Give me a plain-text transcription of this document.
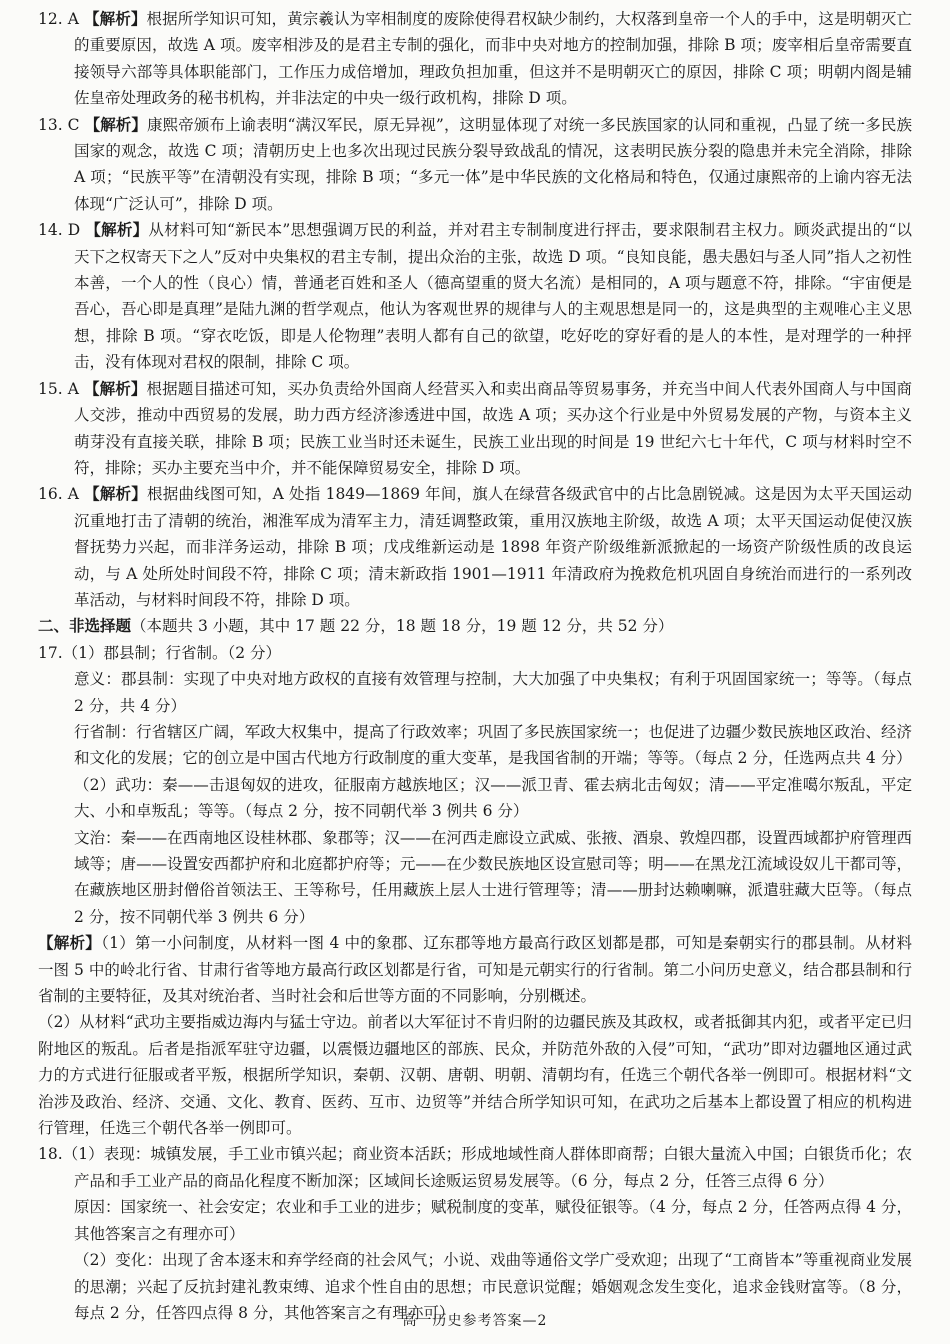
12. A 【解析】根据所学知识可知，黄宗羲认为宰相制度的废除使得君权缺少制约，大权落到皇帝一个人的手中，这是明朝灭亡的重要原因，故选 A 项。废宰相涉及的是君主专制的强化，而非中央对地方的控制加强，排除 B 项；废宰相后皇帝需要直接领导六部等具体职能部门，工作压力成倍增加，理政负担加重，但这并不是明朝灭亡的原因，排除 C 项；明朝内阁是辅佐皇帝处理政务的秘书机构，并非法定的中央一级行政机构，排除 D 项。

13. C 【解析】康熙帝颁布上谕表明“满汉军民，原无异视”，这明显体现了对统一多民族国家的认同和重视，凸显了统一多民族国家的观念，故选 C 项；清朝历史上也多次出现过民族分裂导致战乱的情况，这表明民族分裂的隐患并未完全消除，排除 A 项；“民族平等”在清朝没有实现，排除 B 项；“多元一体”是中华民族的文化格局和特色，仅通过康熙帝的上谕内容无法体现“广泛认可”，排除 D 项。

14. D 【解析】从材料可知“新民本”思想强调万民的利益，并对君主专制制度进行抨击，要求限制君主权力。顾炎武提出的“以天下之权寄天下之人”反对中央集权的君主专制，提出众治的主张，故选 D 项。“良知良能，愚夫愚妇与圣人同”指人之初性本善，一个人的性（良心）情，普通老百姓和圣人（德高望重的贤大名流）是相同的，A 项与题意不符，排除。“宇宙便是吾心，吾心即是真理”是陆九渊的哲学观点，他认为客观世界的规律与人的主观思想是同一的，这是典型的主观唯心主义思想，排除 B 项。“穿衣吃饭，即是人伦物理”表明人都有自己的欲望，吃好吃的穿好看的是人的本性，是对理学的一种抨击，没有体现对君权的限制，排除 C 项。

15. A 【解析】根据题目描述可知，买办负责给外国商人经营买入和卖出商品等贸易事务，并充当中间人代表外国商人与中国商人交涉，推动中西贸易的发展，助力西方经济渗透进中国，故选 A 项；买办这个行业是中外贸易发展的产物，与资本主义萌芽没有直接关联，排除 B 项；民族工业当时还未诞生，民族工业出现的时间是 19 世纪六七十年代，C 项与材料时空不符，排除；买办主要充当中介，并不能保障贸易安全，排除 D 项。

16. A 【解析】根据曲线图可知，A 处指 1849—1869 年间，旗人在绿营各级武官中的占比急剧锐减。这是因为太平天国运动沉重地打击了清朝的统治，湘淮军成为清军主力，清廷调整政策，重用汉族地主阶级，故选 A 项；太平天国运动促使汉族督抚势力兴起，而非洋务运动，排除 B 项；戊戌维新运动是 1898 年资产阶级维新派掀起的一场资产阶级性质的改良运动，与 A 处所处时间段不符，排除 C 项；清末新政指 1901—1911 年清政府为挽救危机巩固自身统治而进行的一系列改革活动，与材料时间段不符，排除 D 项。

二、非选择题（本题共 3 小题，其中 17 题 22 分，18 题 18 分，19 题 12 分，共 52 分）

17.（1）郡县制；行省制。（2 分）

意义：郡县制：实现了中央对地方政权的直接有效管理与控制，大大加强了中央集权；有利于巩固国家统一；等等。（每点 2 分，共 4 分）

行省制：行省辖区广阔，军政大权集中，提高了行政效率；巩固了多民族国家统一；也促进了边疆少数民族地区政治、经济和文化的发展；它的创立是中国古代地方行政制度的重大变革，是我国省制的开端；等等。（每点 2 分，任选两点共 4 分）

（2）武功：秦——击退匈奴的进攻，征服南方越族地区；汉——派卫青、霍去病北击匈奴；清——平定准噶尔叛乱，平定大、小和卓叛乱；等等。（每点 2 分，按不同朝代举 3 例共 6 分）

文治：秦——在西南地区设桂林郡、象郡等；汉——在河西走廊设立武威、张掖、酒泉、敦煌四郡，设置西域都护府管理西域等；唐——设置安西都护府和北庭都护府等；元——在少数民族地区设宣慰司等；明——在黑龙江流域设奴儿干都司等，在藏族地区册封僧俗首领法王、王等称号，任用藏族上层人士进行管理等；清——册封达赖喇嘛，派遣驻藏大臣等。（每点 2 分，按不同朝代举 3 例共 6 分）

【解析】（1）第一小问制度，从材料一图 4 中的象郡、辽东郡等地方最高行政区划都是郡，可知是秦朝实行的郡县制。从材料一图 5 中的岭北行省、甘肃行省等地方最高行政区划都是行省，可知是元朝实行的行省制。第二小问历史意义，结合郡县制和行省制的主要特征，及其对统治者、当时社会和后世等方面的不同影响，分别概述。

（2）从材料“武功主要指威边海内与猛士守边。前者以大军征讨不肯归附的边疆民族及其政权，或者抵御其内犯，或者平定已归附地区的叛乱。后者是指派军驻守边疆，以震慑边疆地区的部族、民众，并防范外敌的入侵”可知，“武功”即对边疆地区通过武力的方式进行征服或者平叛，根据所学知识，秦朝、汉朝、唐朝、明朝、清朝均有，任选三个朝代各举一例即可。根据材料“文治涉及政治、经济、交通、文化、教育、医药、互市、边贸等”并结合所学知识可知，在武功之后基本上都设置了相应的机构进行管理，任选三个朝代各举一例即可。

18.（1）表现：城镇发展，手工业市镇兴起；商业资本活跃；形成地域性商人群体即商帮；白银大量流入中国；白银货币化；农产品和手工业产品的商品化程度不断加深；区域间长途贩运贸易发展等。（6 分，每点 2 分，任答三点得 6 分）

原因：国家统一、社会安定；农业和手工业的进步；赋税制度的变革，赋役征银等。（4 分，每点 2 分，任答两点得 4 分，其他答案言之有理亦可）

（2）变化：出现了舍本逐末和弃学经商的社会风气；小说、戏曲等通俗文学广受欢迎；出现了“工商皆本”等重视商业发展的思潮；兴起了反抗封建礼教束缚、追求个性自由的思想；市民意识觉醒；婚姻观念发生变化，追求金钱财富等。（8 分，每点 2 分，任答四点得 8 分，其他答案言之有理亦可）

高一历史参考答案—2
